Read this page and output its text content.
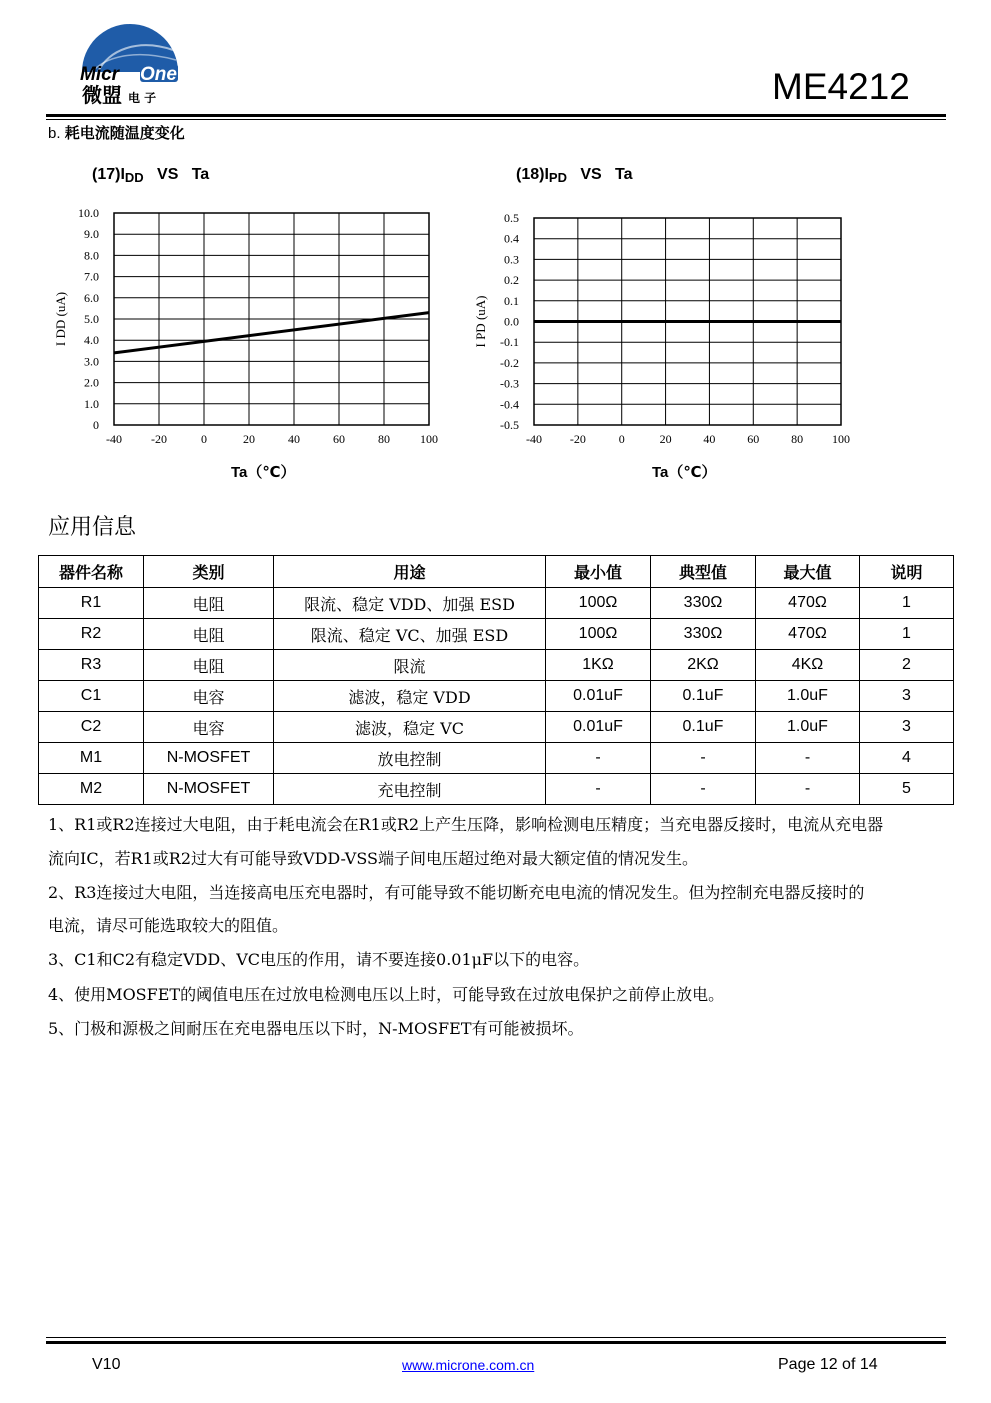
Micr One
微盟 电 子	ME4212
b. 耗电流随温度变化
$(17)I_{DD}$ VS   Ta	$(18)I_{PD}$ VS   Ta
-40 -20	0	20	40	60	80	100
0
1.0
2.0
3.0
4.0
5.0
6.0
7.0
8.0
9.0
10.0
I DD (uA)
-40 -20	0	20	40	60	80 100
-0.5
-0.4
-0.3
-0.2
-0.1
0.0
0.1
0.2
0.3
0.4
0.5
I PD (uA)
Ta（℃）	Ta（℃）
应用信息
器件名称	类别	用途	最小值	典型值	最大值	说明
R1	电阻	限流、稳定 VDD、加强 ESD	100Ω	330Ω	470Ω	1
R2	电阻	限流、稳定 VC、加强 ESD	100Ω	330Ω	470Ω	1
R3	电阻	限流	1KΩ	2KΩ	4KΩ	2
C1	电容	滤波，稳定 VDD	0.01uF	0.1uF	1.0uF	3
C2	电容	滤波，稳定 VC	0.01uF	0.1uF	1.0uF	3
M1	N-MOSFET	放电控制	-	-	-	4
M2	N-MOSFET	充电控制	-	-	-	5
1、R1或R2连接过大电阻，由于耗电流会在R1或R2上产生压降，影响检测电压精度；当充电器反接时，电流从充电器
流向IC，若R1或R2过大有可能导致VDD-VSS端子间电压超过绝对最大额定值的情况发生。
2、R3连接过大电阻，当连接高电压充电器时，有可能导致不能切断充电电流的情况发生。但为控制充电器反接时的
电流，请尽可能选取较大的阻值。
3、C1和C2有稳定VDD、VC电压的作用，请不要连接0.01μF以下的电容。
4、使用MOSFET的阈值电压在过放电检测电压以上时，可能导致在过放电保护之前停止放电。
5、门极和源极之间耐压在充电器电压以下时，N-MOSFET有可能被损坏。
V10	www.microne.com.cn	Page 12 of 14
